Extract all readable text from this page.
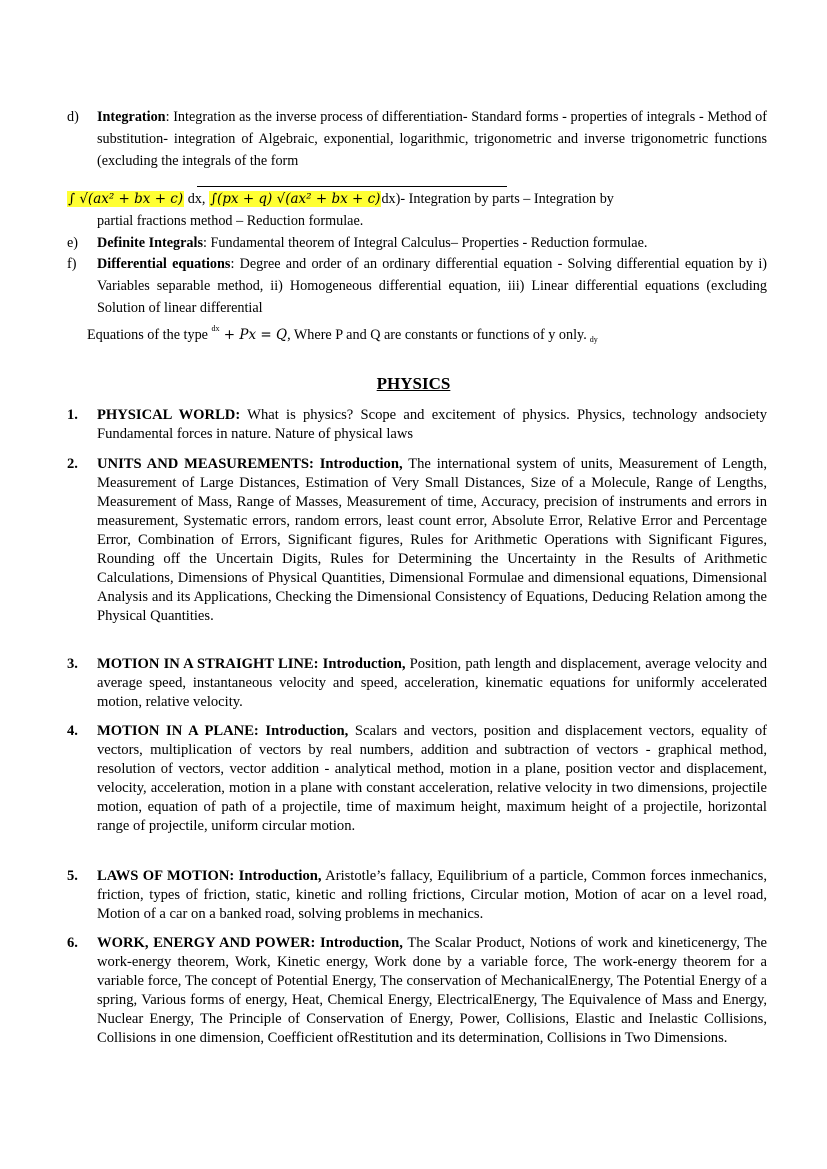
d) Integration: Integration as the inverse process of differentiation- Standard forms - properties of integrals - Method of substitution- integration of Algebraic, exponential, logarithmic, trigonometric and inverse trigonometric functions (excluding the integrals of the form
∫ √(ax² + bx + c) dx, ∫(px + q) √(ax² + bx + c)dx)- Integration by parts – Integration by
partial fractions method – Reduction formulae.
e) Definite Integrals: Fundamental theorem of Integral Calculus– Properties - Reduction formulae.
f) Differential equations: Degree and order of an ordinary differential equation - Solving differential equation by i) Variables separable method, ii) Homogeneous differential equation, iii) Linear differential equations (excluding Solution of linear differential
Equations of the type $^{dx}$ + Px = Q, Where P and Q are constants or functions of y only. $_{dy}$
PHYSICS
1. PHYSICAL WORLD: What is physics? Scope and excitement of physics. Physics, technology andsociety Fundamental forces in nature. Nature of physical laws
2. UNITS AND MEASUREMENTS: Introduction, The international system of units, Measurement of Length, Measurement of Large Distances, Estimation of Very Small Distances, Size of a Molecule, Range of Lengths, Measurement of Mass, Range of Masses, Measurement of time, Accuracy, precision of instruments and errors in measurement, Systematic errors, random errors, least count error, Absolute Error, Relative Error and Percentage Error, Combination of Errors, Significant figures, Rules for Arithmetic Operations with Significant Figures, Rounding off the Uncertain Digits, Rules for Determining the Uncertainty in the Results of Arithmetic Calculations, Dimensions of Physical Quantities, Dimensional Formulae and dimensional equations, Dimensional Analysis and its Applications, Checking the Dimensional Consistency of Equations, Deducing Relation among the Physical Quantities.
3. MOTION IN A STRAIGHT LINE: Introduction, Position, path length and displacement, average velocity and average speed, instantaneous velocity and speed, acceleration, kinematic equations for uniformly accelerated motion, relative velocity.
4. MOTION IN A PLANE: Introduction, Scalars and vectors, position and displacement vectors, equality of vectors, multiplication of vectors by real numbers, addition and subtraction of vectors - graphical method, resolution of vectors, vector addition - analytical method, motion in a plane, position vector and displacement, velocity, acceleration, motion in a plane with constant acceleration, relative velocity in two dimensions, projectile motion, equation of path of a projectile, time of maximum height, maximum height of a projectile, horizontal range of projectile, uniform circular motion.
5. LAWS OF MOTION: Introduction, Aristotle’s fallacy, Equilibrium of a particle, Common forces inmechanics, friction, types of friction, static, kinetic and rolling frictions, Circular motion, Motion of acar on a level road, Motion of a car on a banked road, solving problems in mechanics.
6. WORK, ENERGY AND POWER: Introduction, The Scalar Product, Notions of work and kineticenergy, The work-energy theorem, Work, Kinetic energy, Work done by a variable force, The work-energy theorem for a variable force, The concept of Potential Energy, The conservation of MechanicalEnergy, The Potential Energy of a spring, Various forms of energy, Heat, Chemical Energy, ElectricalEnergy, The Equivalence of Mass and Energy, Nuclear Energy, The Principle of Conservation of Energy, Power, Collisions, Elastic and Inelastic Collisions, Collisions in one dimension, Coefficient ofRestitution and its determination, Collisions in Two Dimensions.
